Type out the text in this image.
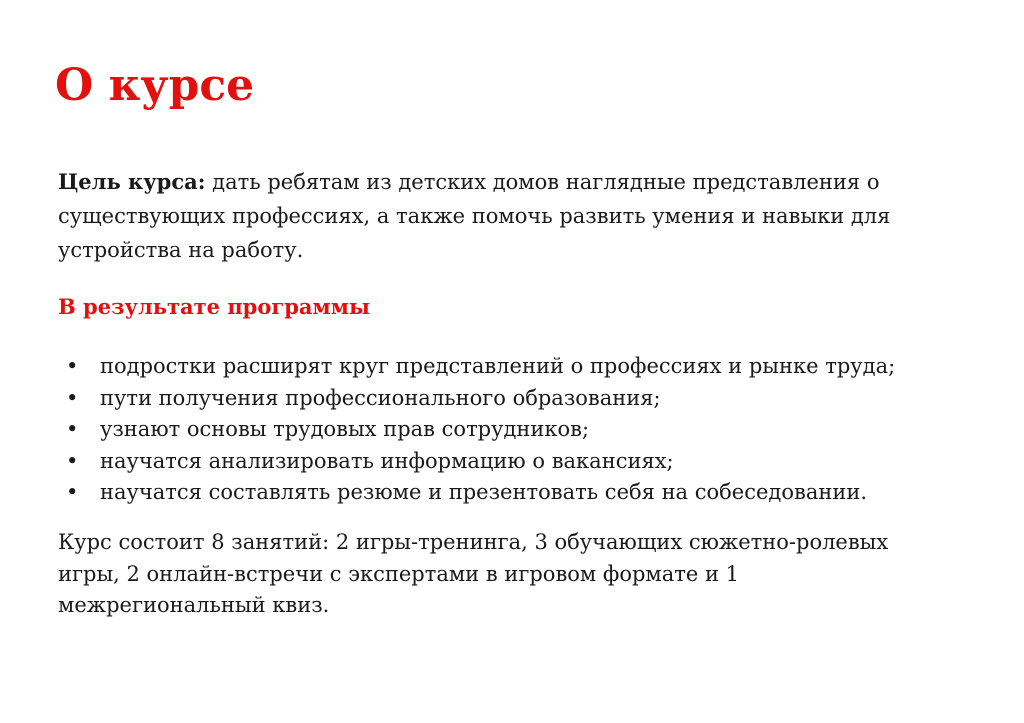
О курсе

Цель курса: дать ребятам из детских домов наглядные представления о существующих профессиях, а также помочь развить умения и навыки для устройства на работу.

В результате программы
• подростки расширят круг представлений о профессиях и рынке труда;
• пути получения профессионального образования;
• узнают основы трудовых прав сотрудников;
• научатся анализировать информацию о вакансиях;
• научатся составлять резюме и презентовать себя на собеседовании.

Курс состоит 8 занятий: 2 игры-тренинга, 3 обучающих сюжетно-ролевых игры, 2 онлайн-встречи с экспертами в игровом формате и 1 межрегиональный квиз.
